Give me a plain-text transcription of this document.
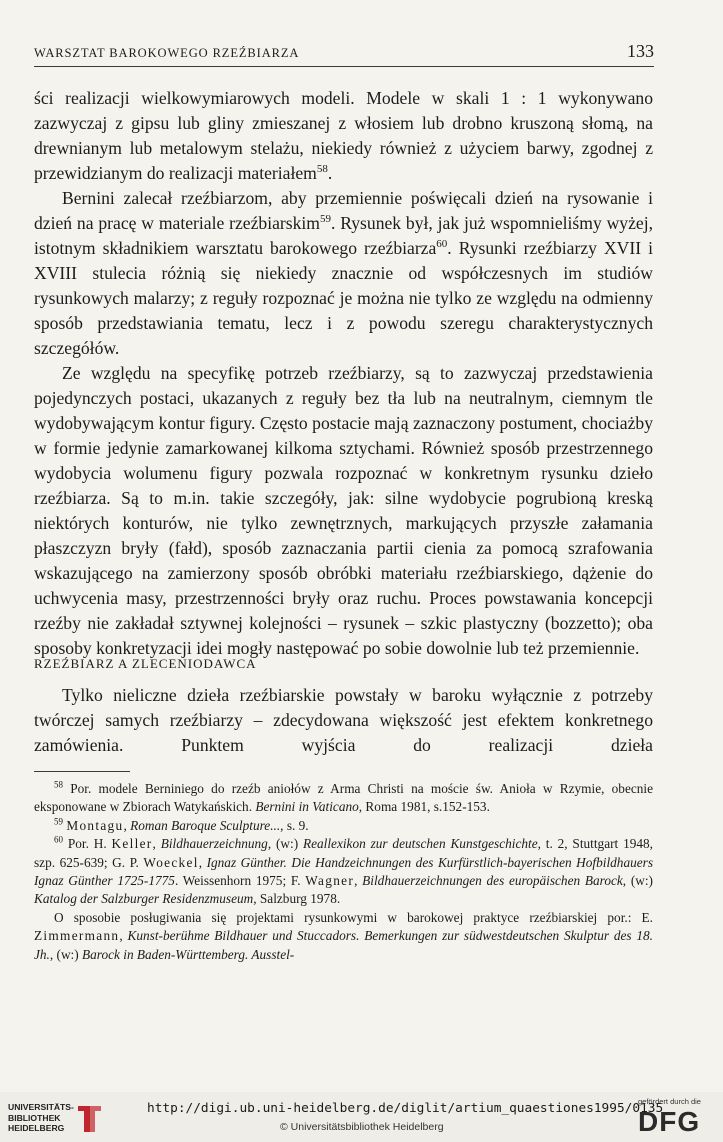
WARSZTAT BAROKOWEGO RZEŹBIARZA	133

ści realizacji wielkowymiarowych modeli. Modele w skali 1 : 1 wykonywano zazwyczaj z gipsu lub gliny zmieszanej z włosiem lub drobno kruszoną słomą, na drewnianym lub metalowym stelażu, niekiedy również z użyciem barwy, zgodnej z przewidzianym do realizacji materiałem$^{58}$.

Bernini zalecał rzeźbiarzom, aby przemiennie poświęcali dzień na rysowanie i dzień na pracę w materiale rzeźbiarskim$^{59}$. Rysunek był, jak już wspomnieliśmy wyżej, istotnym składnikiem warsztatu barokowego rzeźbiarza$^{60}$. Rysunki rzeźbiarzy XVII i XVIII stulecia różnią się niekiedy znacznie od współczesnych im studiów rysunkowych malarzy; z reguły rozpoznać je można nie tylko ze względu na odmienny sposób przedstawiania tematu, lecz i z powodu szeregu charakterystycznych szczegółów.

Ze względu na specyfikę potrzeb rzeźbiarzy, są to zazwyczaj przedstawienia pojedynczych postaci, ukazanych z reguły bez tła lub na neutralnym, ciemnym tle wydobywającym kontur figury. Często postacie mają zaznaczony postument, chociażby w formie jedynie zamarkowanej kilkoma sztychami. Również sposób przestrzennego wydobycia wolumenu figury pozwala rozpoznać w konkretnym rysunku dzieło rzeźbiarza. Są to m.in. takie szczegóły, jak: silne wydobycie pogrubioną kreską niektórych konturów, nie tylko zewnętrznych, markujących przyszłe załamania płaszczyzn bryły (fałd), sposób zaznaczania partii cienia za pomocą szrafowania wskazującego na zamierzony sposób obróbki materiału rzeźbiarskiego, dążenie do uchwycenia masy, przestrzenności bryły oraz ruchu. Proces powstawania koncepcji rzeźby nie zakładał sztywnej kolejności – rysunek – szkic plastyczny (bozzetto); oba sposoby konkretyzacji idei mogły następować po sobie dowolnie lub też przemiennie.

RZEŹBIARZ A ZLECENIODAWCA

Tylko nieliczne dzieła rzeźbiarskie powstały w baroku wyłącznie z potrzeby twórczej samych rzeźbiarzy – zdecydowana większość jest efektem konkretnego zamówienia. Punktem wyjścia do realizacji dzieła

$^{58}$ Por. modele Berniniego do rzeźb aniołów z Arma Christi na moście św. Anioła w Rzymie, obecnie eksponowane w Zbiorach Watykańskich. Bernini in Vaticano, Roma 1981, s.152-153.

$^{59}$ Montagu, Roman Baroque Sculpture..., s. 9.

$^{60}$ Por. H. Keller, Bildhauerzeichnung, (w:) Reallexikon zur deutschen Kunstgeschichte, t. 2, Stuttgart 1948, szp. 625-639; G. P. Woeckel, Ignaz Günther. Die Handzeichnungen des Kurfürstlich-bayerischen Hofbildhauers Ignaz Günther 1725-1775. Weissenhorn 1975; F. Wagner, Bildhauerzeichnungen des europäischen Barock, (w:) Katalog der Salzburger Residenzmuseum, Salzburg 1978.

O sposobie posługiwania się projektami rysunkowymi w barokowej praktyce rzeźbiarskiej por.: E. Zimmermann, Kunst-berühme Bildhauer und Stuccadors. Bemerkungen zur südwestdeutschen Skulptur des 18. Jh., (w:) Barock in Baden-Württemberg. Ausstel-

UNIVERSITÄTS-
BIBLIOTHEK
HEIDELBERG
http://digi.ub.uni-heidelberg.de/diglit/artium_quaestiones1995/0135
© Universitätsbibliothek Heidelberg
gefördert durch die
DFG
